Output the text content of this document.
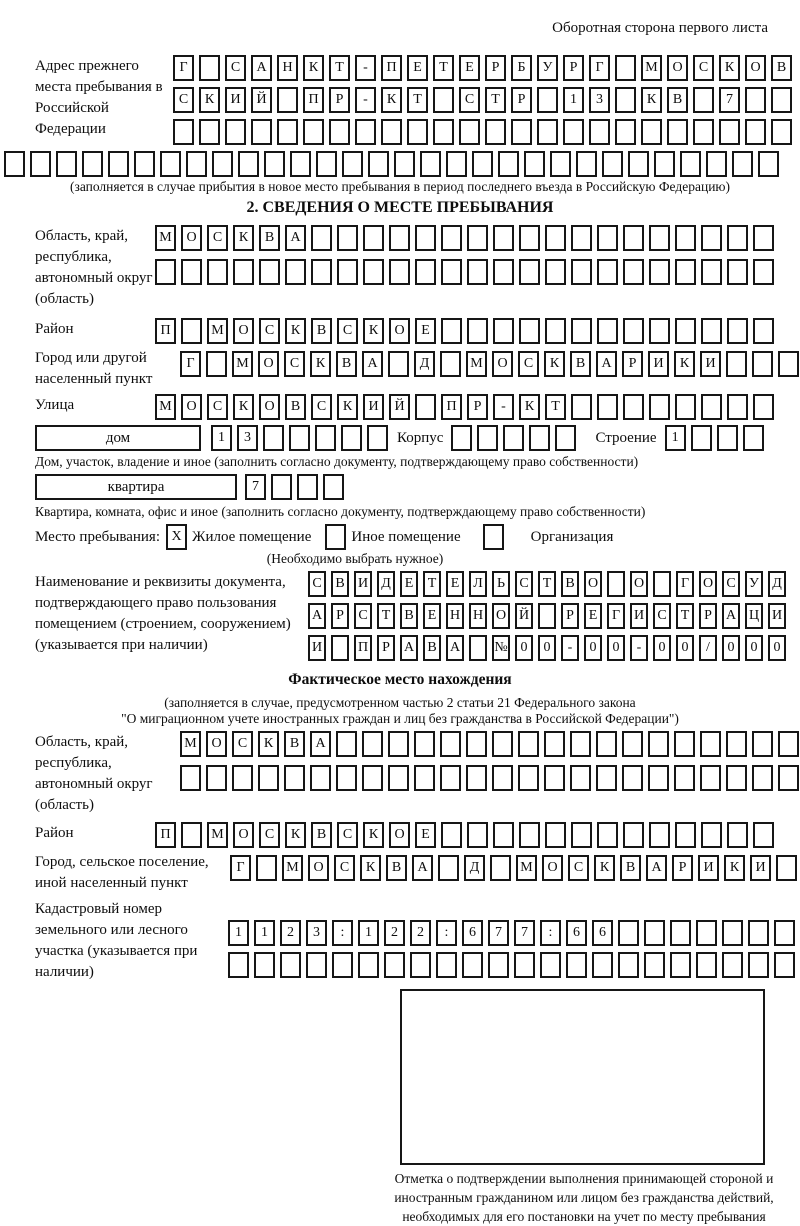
Оборотная сторона первого листа
Адрес прежнего места пребывания в Российской Федерации
Г	С	А	Н	К	Т	-	П	Е	Т	Е	Р	Б	У	Р	Г	М	О	С	К	О	В
С	К	И	Й	П	Р	-	К	Т	С	Т	Р	1	3	К	В	7
(заполняется в случае прибытия в новое место пребывания в период последнего въезда в Российскую Федерацию)
2. СВЕДЕНИЯ О МЕСТЕ ПРЕБЫВАНИЯ
Область, край, республика, автономный округ (область)
М	О	С	К	В	А
Район	П	М	О	С	К	В	С	К	О	Е
Город или другой населенный пункт
Г	М	О	С	К	В	А	Д	М	О	С	К	В	А	Р	И	К	И
Улица	М	О	С	К	О	В	С	К	И	Й	П	Р	-	К	Т
дом	1	3	Корпус	Строение	1
Дом, участок, владение и иное (заполнить согласно документу, подтверждающему право собственности)
квартира	7
Квартира, комната, офис и иное (заполнить согласно документу, подтверждающему право собственности)
Место пребывания: X Жилое помещение	Иное помещение	Организация
(Необходимо выбрать нужное)
Наименование и реквизиты документа, подтверждающего право пользования помещением (строением, сооружением) (указывается при наличии)
С В И Д Е	Т	Е Л	Ь	С	Т	В О	О	Г О С У Д
А	Р	С	Т	В	Е Н Н О Й	Р	Е	Г И С	Т	Р	А Ц И
И	П	Р	А В А № 0	0	-	0	0	-	0	0	/	0	0	0
Фактическое место нахождения
(заполняется в случае, предусмотренном частью 2 статьи 21 Федерального закона
"О миграционном учете иностранных граждан и лиц без гражданства в Российской Федерации")
Область, край, республика, автономный округ (область)
М	О	С	К	В	А
Район	П	М	О	С	К	В	С	К	О	Е
Город, сельское поселение, иной населенный пункт
Г	М	О	С	К	В	А	Д	М	О	С	К	В	А	Р	И	К	И
Кадастровый номер земельного или лесного участка (указывается при наличии)
1	1	2	3	:	1	2	2	:	6	7	7	:	6	6
Отметка о подтверждении выполнения принимающей стороной и иностранным гражданином или лицом без гражданства действий, необходимых для его постановки на учет по месту пребывания
